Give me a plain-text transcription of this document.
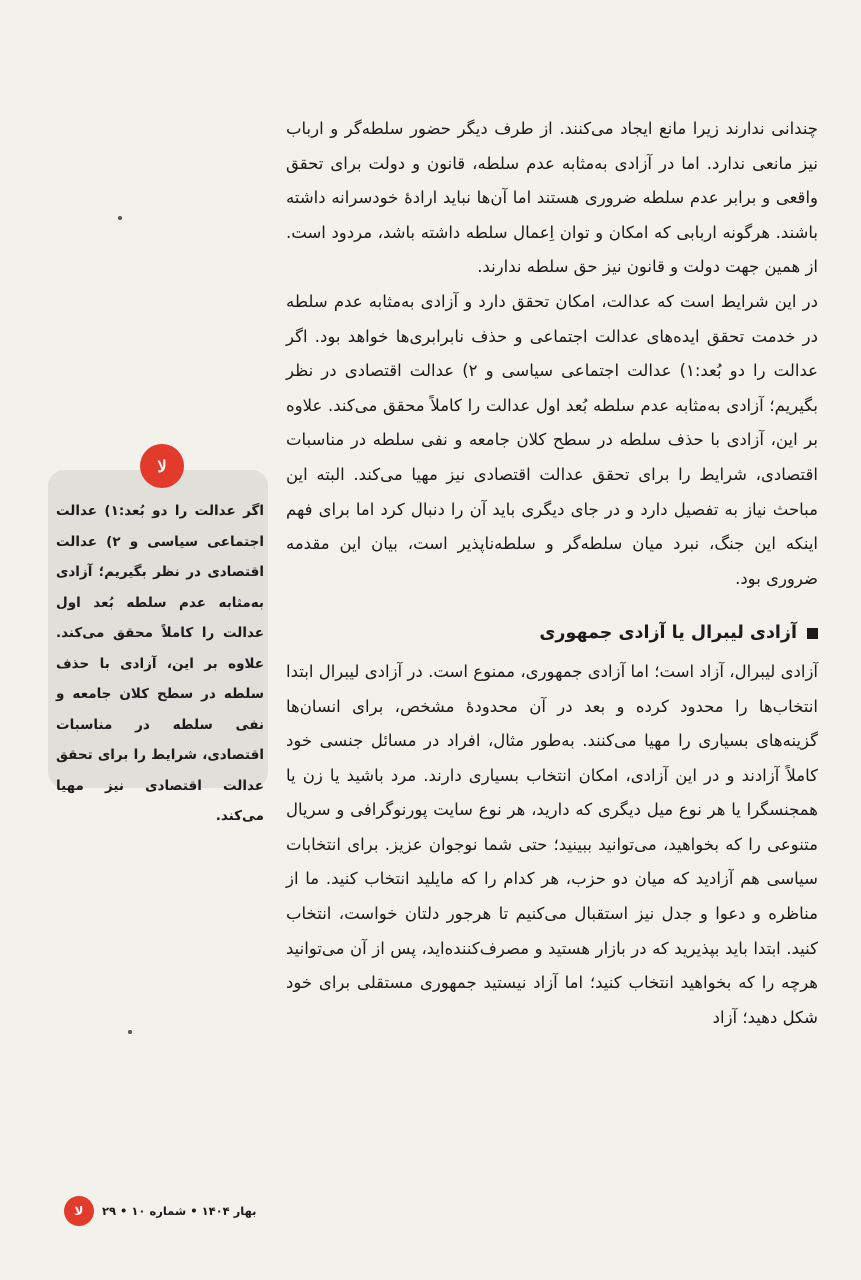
چندانی ندارند زیرا مانع ایجاد می‌کنند. از طرف دیگر حضور سلطه‌گر و ارباب نیز مانعی ندارد. اما در آزادی به‌مثابه عدم سلطه، قانون و دولت برای تحقق واقعی و برابر عدم سلطه ضروری هستند اما آن‌ها نباید ارادهٔ خودسرانه داشته باشند. هرگونه اربابی که امکان و توان اِعمال سلطه داشته باشد، مردود است. از همین جهت دولت و قانون نیز حق سلطه ندارند.

در این شرایط است که عدالت، امکان تحقق دارد و آزادی به‌مثابه عدم سلطه در خدمت تحقق ایده‌های عدالت اجتماعی و حذف نابرابری‌ها خواهد بود. اگر عدالت را دو بُعد:۱) عدالت اجتماعی سیاسی و ۲) عدالت اقتصادی در نظر بگیریم؛ آزادی به‌مثابه عدم سلطه بُعد اول عدالت را کاملاً محقق می‌کند. علاوه بر این، آزادی با حذف سلطه در سطح کلان جامعه و نفی سلطه در مناسبات اقتصادی، شرایط را برای تحقق عدالت اقتصادی نیز مهیا می‌کند. البته این مباحث نیاز به تفصیل دارد و در جای دیگری باید آن را دنبال کرد اما برای فهم اینکه این جنگ، نبرد میان سلطه‌گر و سلطه‌ناپذیر است، بیان این مقدمه ضروری بود.

آزادی لیبرال یا آزادی جمهوری

آزادی لیبرال، آزاد است؛ اما آزادی جمهوری، ممنوع است. در آزادی لیبرال ابتدا انتخاب‌ها را محدود کرده و بعد در آن محدودهٔ مشخص، برای انسان‌ها گزینه‌های بسیاری را مهیا می‌کنند. به‌طور مثال، افراد در مسائل جنسی خود کاملاً آزادند و در این آزادی، امکان انتخاب بسیاری دارند. مرد باشید یا زن یا همجنسگرا یا هر نوع میل دیگری که دارید، هر نوع سایت پورنوگرافی و سریال متنوعی را که بخواهید، می‌توانید ببینید؛ حتی شما نوجوان عزیز. برای انتخابات سیاسی هم آزادید که میان دو حزب، هر کدام را که مایلید انتخاب کنید. ما از مناظره و دعوا و جدل نیز استقبال می‌کنیم تا هرجور دلتان خواست، انتخاب کنید. ابتدا باید بپذیرید که در بازار هستید و مصرف‌کننده‌اید، پس از آن می‌توانید هرچه را که بخواهید انتخاب کنید؛ اما آزاد نیستید جمهوری مستقلی برای خود شکل دهید؛ آزاد

ﻟﺎ
اگر عدالت را دو بُعد:۱) عدالت اجتماعی سیاسی و ۲) عدالت اقتصادی در نظر بگیریم؛ آزادی به‌مثابه عدم سلطه بُعد اول عدالت را کاملاً محقق می‌کند. علاوه بر این، آزادی با حذف سلطه در سطح کلان جامعه و نفی سلطه در مناسبات اقتصادی، شرایط را برای تحقق عدالت اقتصادی نیز مهیا می‌کند.
ﻟﺎ بهار ۱۴۰۴ • شماره ۱۰ • ۲۹
